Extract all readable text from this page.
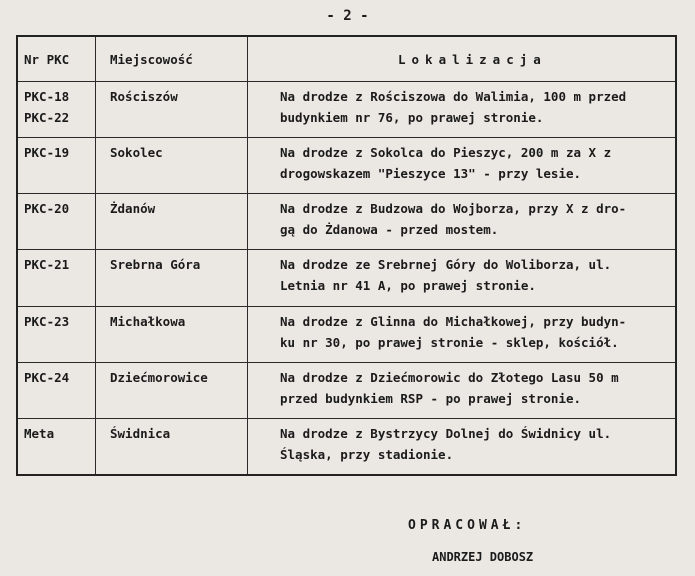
- 2 -
Nr PKC	Miejscowość	Lokalizacja

PKC-18
PKC-22	Rościszów	Na drodze z Rościszowa do Walimia, 100 m przed
budynkiem nr 76, po prawej stronie.

PKC-19	Sokolec	Na drodze z Sokolca do Pieszyc, 200 m za X z
drogowskazem "Pieszyce 13" - przy lesie.

PKC-20	Żdanów	Na drodze z Budzowa do Wojborza, przy X z dro-
gą do Żdanowa - przed mostem.

PKC-21	Srebrna Góra	Na drodze ze Srebrnej Góry do Woliborza, ul.
Letnia nr 41 A, po prawej stronie.

PKC-23	Michałkowa	Na drodze z Glinna do Michałkowej, przy budyn-
ku nr 30, po prawej stronie - sklep, kościół.

PKC-24	Dziećmorowice	Na drodze z Dziećmorowic do Złotego Lasu 50 m
przed budynkiem RSP - po prawej stronie.

Meta	Świdnica	Na drodze z Bystrzycy Dolnej do Świdnicy ul.
Śląska, przy stadionie.
OPRACOWAŁ:
ANDRZEJ DOBOSZ
